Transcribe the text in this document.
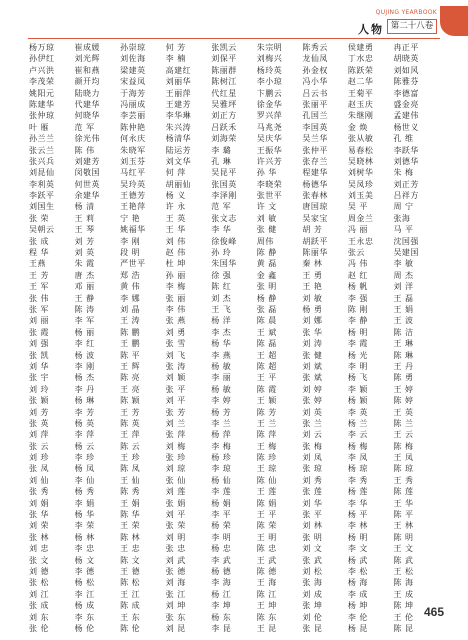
QUJING YEARBOOK
人物 第二十八卷
杨万琼	崔成媛	孙崇琼	何 芳	张凯云	朱宗明	陈秀云	侯建勇	冉正平
孙伊红	刘光辉	刘佐海	李 楠	刘保平	刘梅兴	龙仙凤	丁水忠	胡晓英
卢兴洪	崔和燕	梁建英	高建红	陈丽群	杨玲英	孙金权	陈跃荣	刘如风
李茂荣	颜开均	宋益凤	刘丽华	陈树江	李小琼	冯小华	赵二华	陈雅芬
姚阳元	陆晓力	于海芳	王丽萍	代红星	卞鹏云	吕云书	王菊平	李德富
陈建华	代建华	冯丽成	王建芳	吴雅坪	徐金华	张丽平	赵玉庆	盛金亮
张仲琼	何晓华	李芸丽	李华琳	刘正方	罗兴萍	孔国兰	朱继刚	孟建伟
叶 雁	范 军	陈仲艳	朱兴涛	吕跃禾	马兆尧	李国英	金 焕	杨世义
孙兰兰	徐光伟	何永庆	杨清华	刘海荣	吴庆华	吴兰华	张从敏	孔 维
张云兰	陈 伟	朱晓军	陆运芳	李 璐	王振华	张仲平	易春松	李跃华
张兴兵	刘建芳	刘玉芬	刘文华	孔 琳	许兴芳	张存兰	吴晓林	刘德华
刘昆仙	闵敬国	马红平	何 萍	吴昆平	孙 华	程建华	刘树华	朱 梅
李利英	何世英	吴玲英	胡丽仙	张国英	李晓荣	杨德华	吴凤珍	刘正芳
李跃平	余建华	王德芳	杨 义	李泽刚	张世平	张春林	刘玉美	吕祥方
刘国生	杨 清	王艳萍	许 永	范 军	许 文	唐国琼	吴 平	周 宁
张 荣	王 莉	宁 艳	王 英	张文志	刘 敏	吴家宝	周金兰	张海
吴朝云	王 琴	姚福华	王 华	李 华	张 健	胡 芳	冯 丽	马 平
张 成	刘 芳	李 刚	刘 伟	徐俊峰	周伟	胡跃平	王永忠	沈国强
程 华	刘 英	段 明	赵 伟	孙 玲	陈 静	陈丽华	张云	吴建国
王燕	朱 霞	严世平	杜 坤	朱国华	黄 磊	秦 林	冯 伟	李 敏
王 芳	唐 杰	郑 浩	孙 丽	徐 强	金 鑫	王 勇	赵 红	周 杰
王 军	邓 丽	黄 伟	李 梅	陈 红	张 明	王 艳	杨 帆	刘 洋
张 伟	王 静	李 娜	张 丽	刘 杰	杨 静	刘 敏	李 强	王 磊
张 军	陈 涛	刘 晶	李 伟	王 飞	张 磊	杨 勇	陈 刚	王 娟
刘 丽	李 军	王 涛	张 燕	杨 洋	陈 晨	刘 娜	李 静	王 波
张 霞	杨 丽	陈 鹏	刘 勇	李 杰	王 斌	张 华	杨 明	陈 洁
刘 强	李 红	王 鹏	张 雪	杨 华	陈 磊	刘 涛	李 霞	王 琳
张 凯	杨 波	陈 平	刘 飞	李 燕	王 超	张 健	杨 光	陈 琳
刘 华	李 刚	王 辉	张 涛	杨 敏	陈 超	刘 斌	李 明	王 丹
张 宇	杨 杰	陈 亮	刘 颖	李 丽	王 平	张 斌	杨 飞	陈 勇
刘 玲	李 丹	王 亮	张 平	杨 敏	陈 霞	刘 婷	李 颖	王 婷
张 颖	杨 琳	陈 颖	刘 平	李 婷	王 颖	张 婷	杨 颖	陈 婷
刘 芳	李 芳	王 芳	张 芳	杨 芳	陈 芳	刘 英	李 英	王 英
张 英	杨 英	陈 英	刘 兰	李 兰	王 兰	张 兰	杨 兰	陈 兰
刘 萍	李 萍	王 萍	张 萍	杨 萍	陈 萍	刘 云	李 云	王 云
张 云	杨 云	陈 云	刘 梅	李 梅	王 梅	张 梅	杨 梅	陈 梅
刘 珍	李 珍	王 珍	张 珍	杨 珍	陈 珍	刘 凤	李 凤	王 凤
张 凤	杨 凤	陈 凤	刘 琼	李 琼	王 琼	张 琼	杨 琼	陈 琼
刘 仙	李 仙	王 仙	张 仙	杨 仙	陈 仙	刘 秀	李 秀	王 秀
张 秀	杨 秀	陈 秀	刘 莲	李 莲	王 莲	张 莲	杨 莲	陈 莲
刘 娟	李 娟	王 娟	张 娟	杨 娟	陈 娟	刘 华	李 华	王 华
张 华	杨 华	陈 华	刘 平	李 平	王 平	张 平	杨 平	陈 平
刘 荣	李 荣	王 荣	张 荣	杨 荣	陈 荣	刘 林	李 林	王 林
张 林	杨 林	陈 林	刘 明	李 明	王 明	张 明	杨 明	陈 明
刘 忠	李 忠	王 忠	张 忠	杨 忠	陈 忠	刘 文	李 文	王 文
张 文	杨 文	陈 文	刘 武	李 武	王 武	张 武	杨 武	陈 武
刘 德	李 德	王 德	张 德	杨 德	陈 德	刘 松	李 松	王 松
张 松	杨 松	陈 松	刘 海	李 海	王 海	张 海	杨 海	陈 海
刘 江	李 江	王 江	张 江	杨 江	陈 江	刘 成	李 成	王 成
张 成	杨 成	陈 成	刘 坤	李 坤	王 坤	张 坤	杨 坤	陈 坤
刘 东	李 东	王 东	张 东	杨 东	陈 东	刘 伦	李 伦	王 伦
张 伦	杨 伦	陈 伦	刘 昆	李 昆	王 昆	张 昆	杨 昆	陈 昆
465
